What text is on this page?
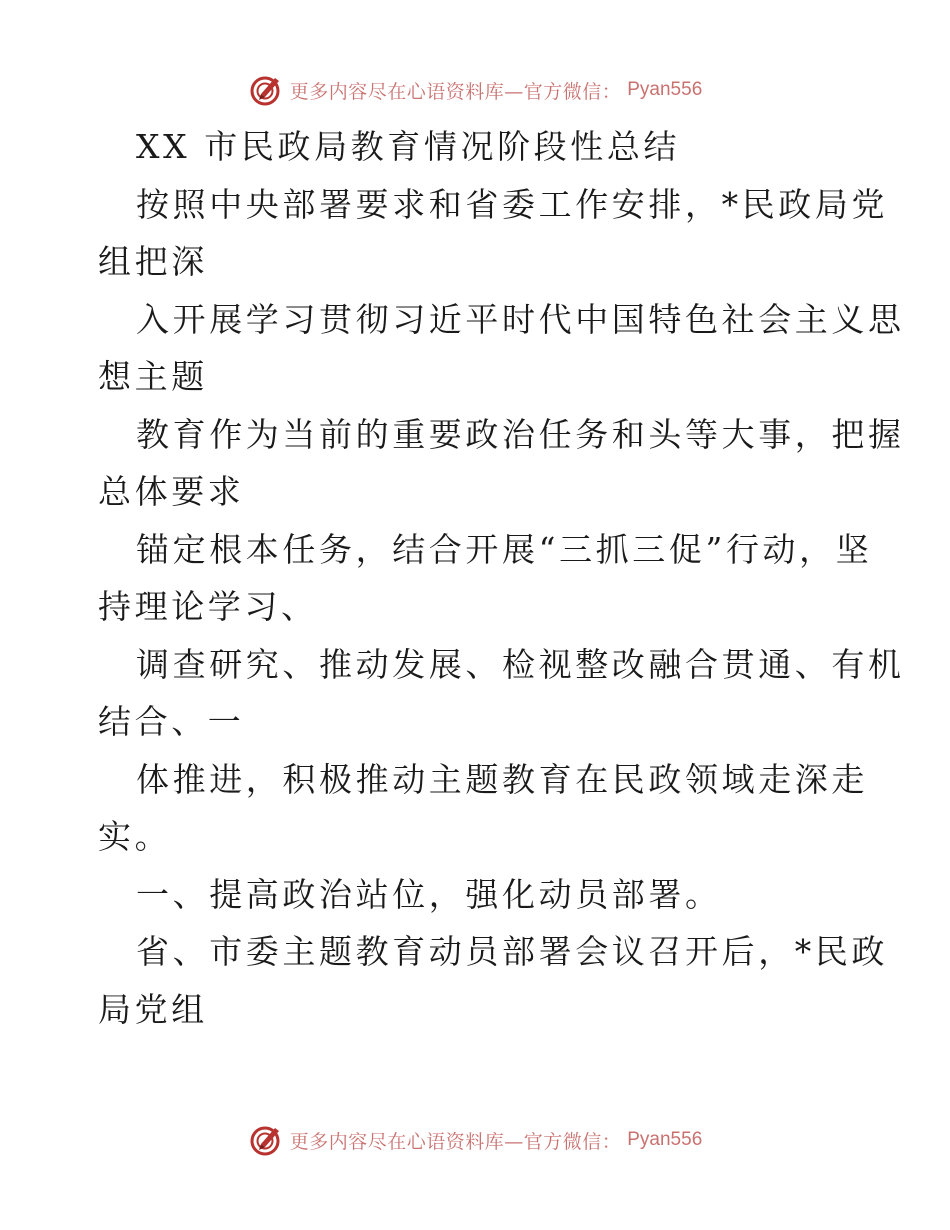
更多内容尽在心语资料库—官方微信： Pyan556
XX 市民政局教育情况阶段性总结
按照中央部署要求和省委工作安排，*民政局党
组把深
入开展学习贯彻习近平时代中国特色社会主义思
想主题
教育作为当前的重要政治任务和头等大事，把握
总体要求
锚定根本任务，结合开展“三抓三促”行动，坚
持理论学习、
调查研究、推动发展、检视整改融合贯通、有机
结合、一
体推进，积极推动主题教育在民政领域走深走
实。
一、提高政治站位，强化动员部署。
省、市委主题教育动员部署会议召开后，*民政
局党组
更多内容尽在心语资料库—官方微信： Pyan556
